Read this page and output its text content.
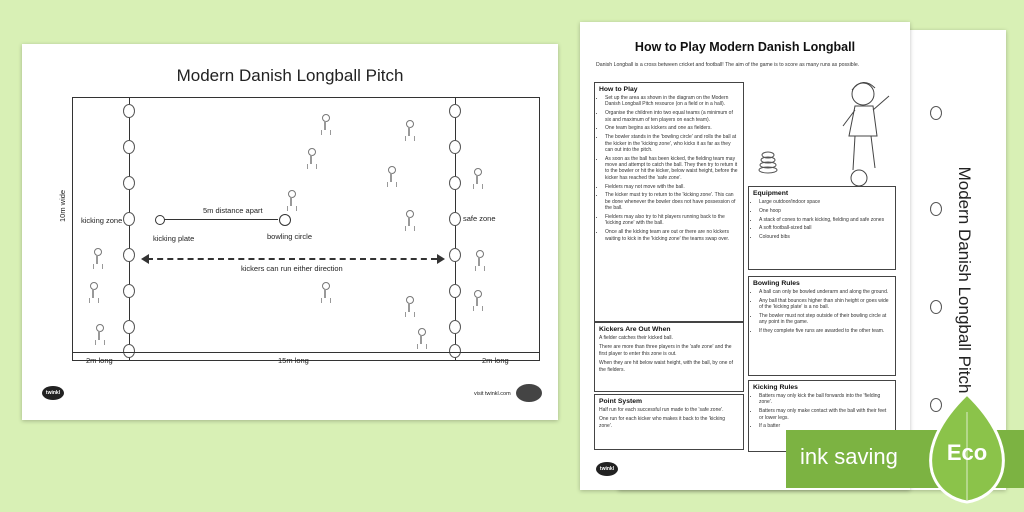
Modern Danish Longball Pitch
Modern Danish Longball Pitch
5m distance apart
kicking plate	bowling circle
kicking zone	safe zone
kickers can run either direction
10m wide
2m long	15m long	2m long
twinkl	visit twinkl.com
How to Play Modern Danish Longball
Danish Longball is a cross between cricket and football! The aim of the game is to score as many runs as possible.
How to Play
• Set up the area as shown in the diagram on the Modern Danish Longball Pitch resource (on a field or in a hall).
• Organise the children into two equal teams (a minimum of six and maximum of ten players on each team).
• One team begins as kickers and one as fielders.
• The bowler stands in the 'bowling circle' and rolls the ball at the kicker in the 'kicking zone', who kicks it as far as they can out into the pitch.
• As soon as the ball has been kicked, the fielding team may move and attempt to catch the ball. They then try to return it to the bowler or hit the kicker, below waist height, before the kicker has reached the 'safe zone'.
• Fielders may not move with the ball.
• The kicker must try to return to the 'kicking zone'. This can be done whenever the bowler does not have possession of the ball.
• Fielders may also try to hit players running back to the 'kicking zone' with the ball.
• Once all the kicking team are out or there are no kickers waiting to kick in the 'kicking zone' the teams swap over.
Kickers Are Out When

A fielder catches their kicked ball.

There are more than three players in the 'safe zone' and the first player to enter this zone is out.

When they are hit below waist height, with the ball, by one of the fielders.

Point System

Half run for each successful run made to the 'safe zone'.

One run for each kicker who makes it back to the 'kicking zone'.

Equipment
• Large outdoor/indoor space
• One hoop
• A stack of cones to mark kicking, fielding and safe zones
• A soft football-sized ball
• Coloured bibs
Bowling Rules
• A ball can only be bowled underarm and along the ground.
• Any ball that bounces higher than shin height or goes wide of the 'kicking plate' is a no ball.
• The bowler must not step outside of their bowling circle at any point in the game.
• If they complete five runs are awarded to the other team.
Kicking Rules
• Batters may only kick the ball forwards into the 'fielding zone'.
• Batters may only make contact with the ball with their feet or lower legs.
• If a batter
twinkl	ink saving	Eco
